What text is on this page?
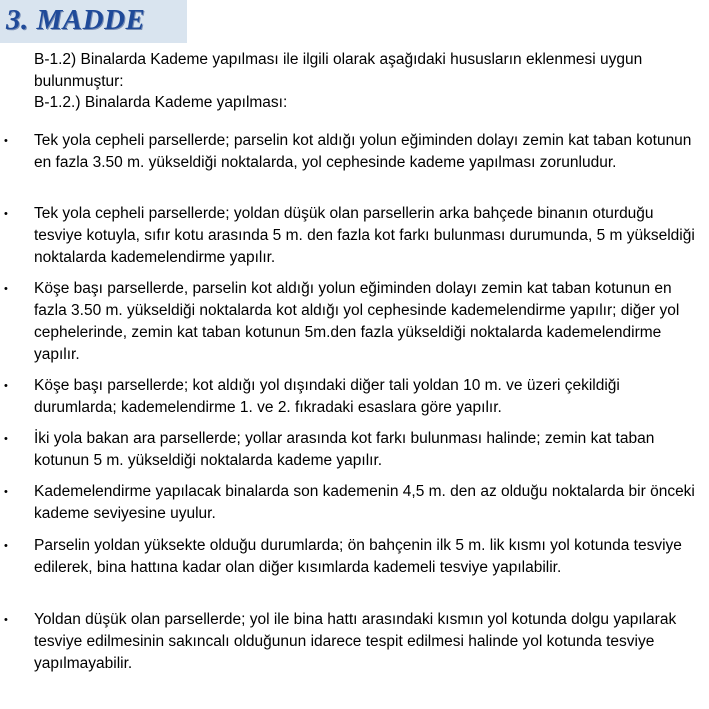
3. MADDE

B-1.2) Binalarda Kademe yapılması ile ilgili olarak aşağıdaki hususların eklenmesi uygun bulunmuştur:

B-1.2.) Binalarda Kademe yapılması:

•	Tek yola cepheli parsellerde; parselin kot aldığı yolun eğiminden dolayı zemin kat taban kotunun en fazla 3.50 m. yükseldiği noktalarda, yol cephesinde kademe yapılması zorunludur.
•	Tek yola cepheli parsellerde; yoldan düşük olan parsellerin arka bahçede binanın oturduğu tesviye kotuyla, sıfır kotu arasında 5 m. den fazla kot farkı bulunması durumunda, 5 m yükseldiği noktalarda kademelendirme yapılır.
•	Köşe başı parsellerde, parselin kot aldığı yolun eğiminden dolayı zemin kat taban kotunun en fazla 3.50 m. yükseldiği noktalarda kot aldığı yol cephesinde kademelendirme yapılır; diğer yol cephelerinde, zemin kat taban kotunun 5m.den fazla yükseldiği noktalarda kademelendirme yapılır.
•	Köşe başı parsellerde; kot aldığı yol dışındaki diğer tali yoldan 10 m. ve üzeri çekildiği durumlarda; kademelendirme 1. ve 2. fıkradaki esaslara göre yapılır.
•	İki yola bakan ara parsellerde; yollar arasında kot farkı bulunması halinde; zemin kat taban kotunun 5 m. yükseldiği noktalarda kademe yapılır.
•	Kademelendirme yapılacak binalarda son kademenin 4,5 m. den az olduğu noktalarda bir önceki kademe seviyesine uyulur.
•	Parselin yoldan yüksekte olduğu durumlarda; ön bahçenin ilk 5 m. lik kısmı yol kotunda tesviye edilerek, bina hattına kadar olan diğer kısımlarda kademeli tesviye yapılabilir.
•	Yoldan düşük olan parsellerde; yol ile bina hattı arasındaki kısmın yol kotunda dolgu yapılarak tesviye edilmesinin sakıncalı olduğunun idarece tespit edilmesi halinde yol kotunda tesviye yapılmayabilir.
